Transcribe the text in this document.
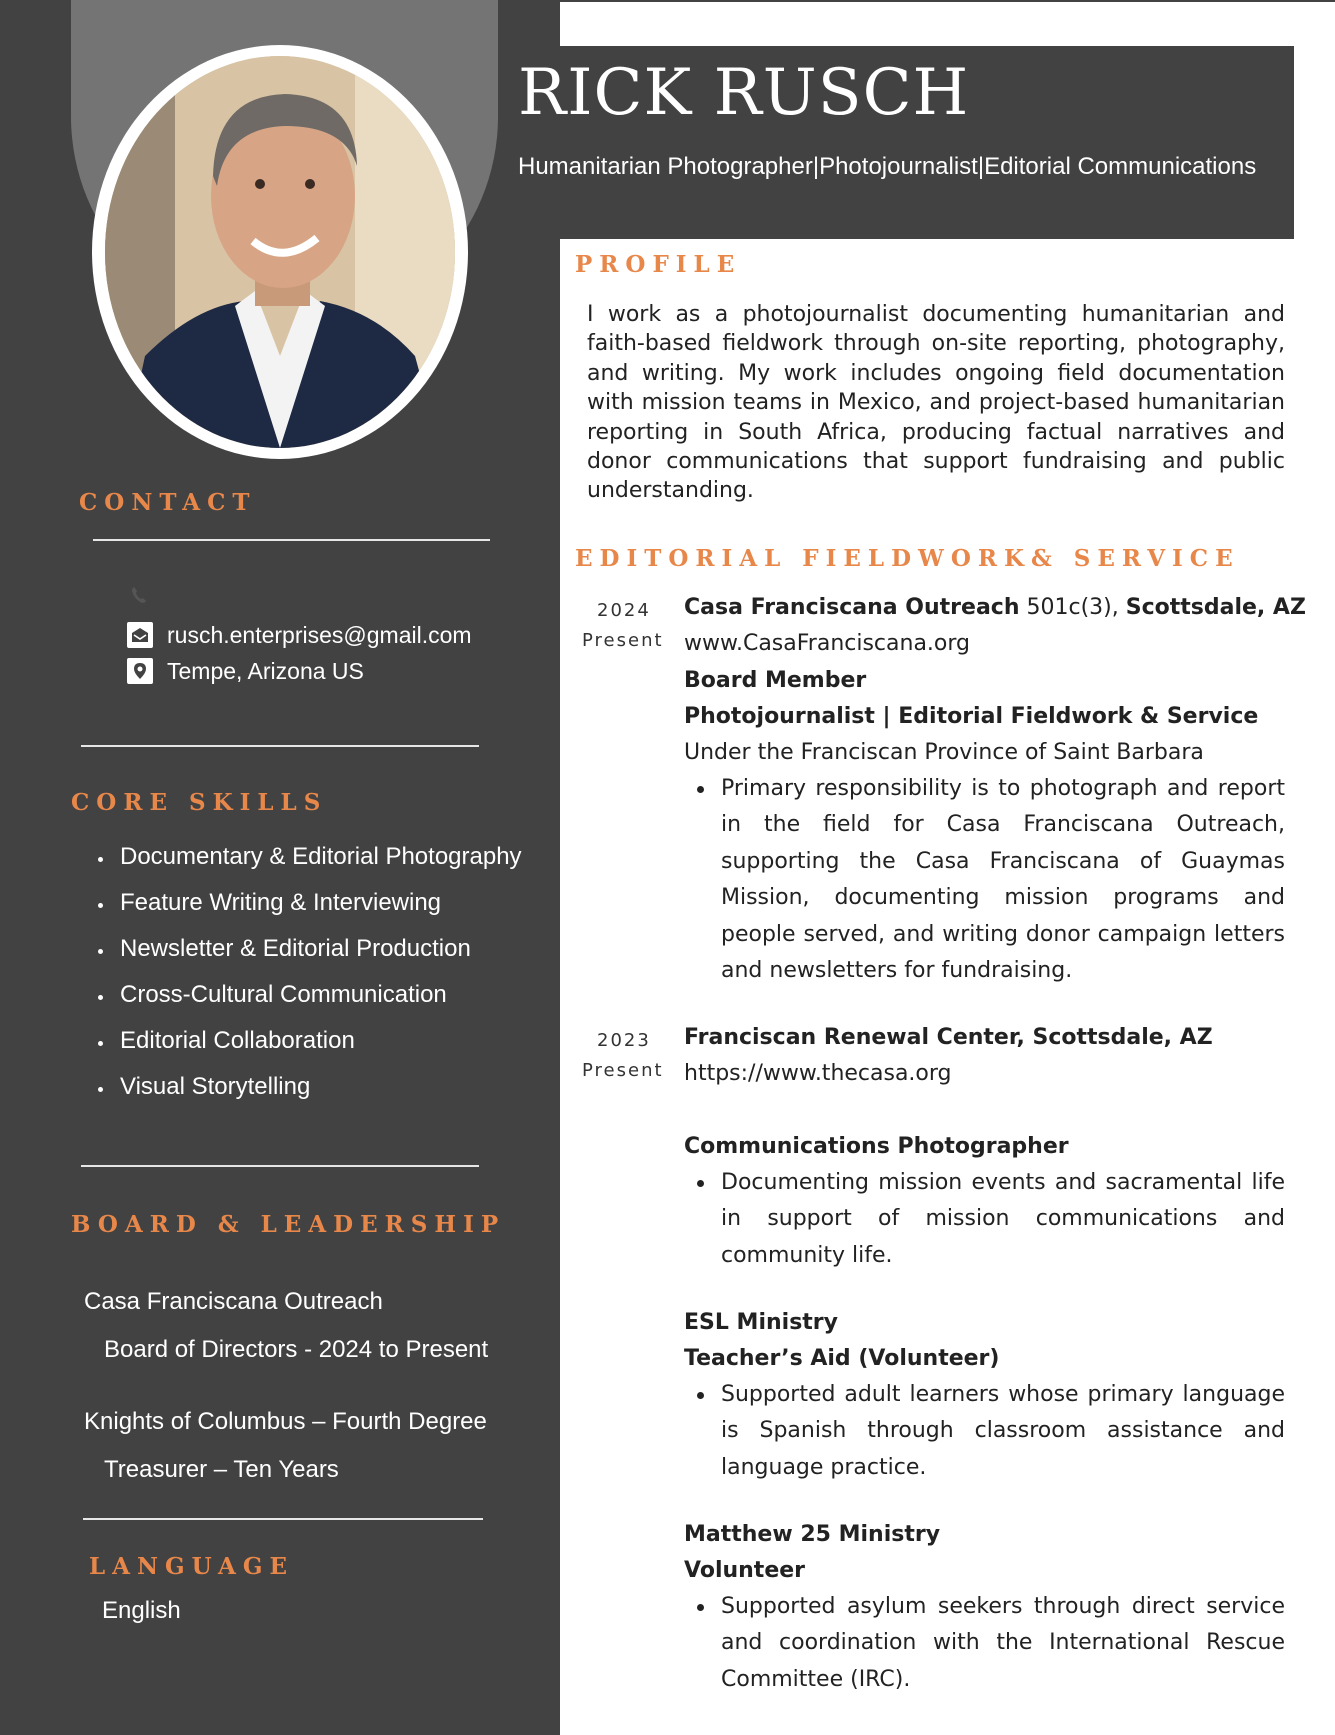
CONTACT
rusch.enterprises@gmail.com
Tempe, Arizona US
CORE SKILLS
Documentary & Editorial Photography
Feature Writing & Interviewing
Newsletter & Editorial Production
Cross-Cultural Communication
Editorial Collaboration
Visual Storytelling
BOARD & LEADERSHIP
Casa Franciscana Outreach
Board of Directors - 2024 to Present
Knights of Columbus – Fourth Degree
Treasurer – Ten Years
LANGUAGE
English
RICK RUSCH
Humanitarian Photographer|Photojournalist|Editorial Communications
PROFILE

I work as a photojournalist documenting humanitarian and faith-based fieldwork through on-site reporting, photography, and writing. My work includes ongoing field documentation with mission teams in Mexico, and project-based humanitarian reporting in South Africa, producing factual narratives and donor communications that support fundraising and public understanding.

EDITORIAL FIELDWORK& SERVICE
2024
Present
Casa Franciscana Outreach 501c(3), Scottsdale, AZ
www.CasaFranciscana.org
Board Member
Photojournalist | Editorial Fieldwork & Service
Under the Franciscan Province of Saint Barbara

Primary responsibility is to photograph and report in the field for Casa Franciscana Outreach, supporting the Casa Franciscana of Guaymas Mission, documenting mission programs and people served, and writing donor campaign letters and newsletters for fundraising.

2023
Present
Franciscan Renewal Center, Scottsdale, AZ
https://www.thecasa.org
Communications Photographer

Documenting mission events and sacramental life in support of mission communications and community life.

ESL Ministry
Teacher’s Aid (Volunteer)

Supported adult learners whose primary language is Spanish through classroom assistance and language practice.

Matthew 25 Ministry
Volunteer

Supported asylum seekers through direct service and coordination with the International Rescue Committee (IRC).
